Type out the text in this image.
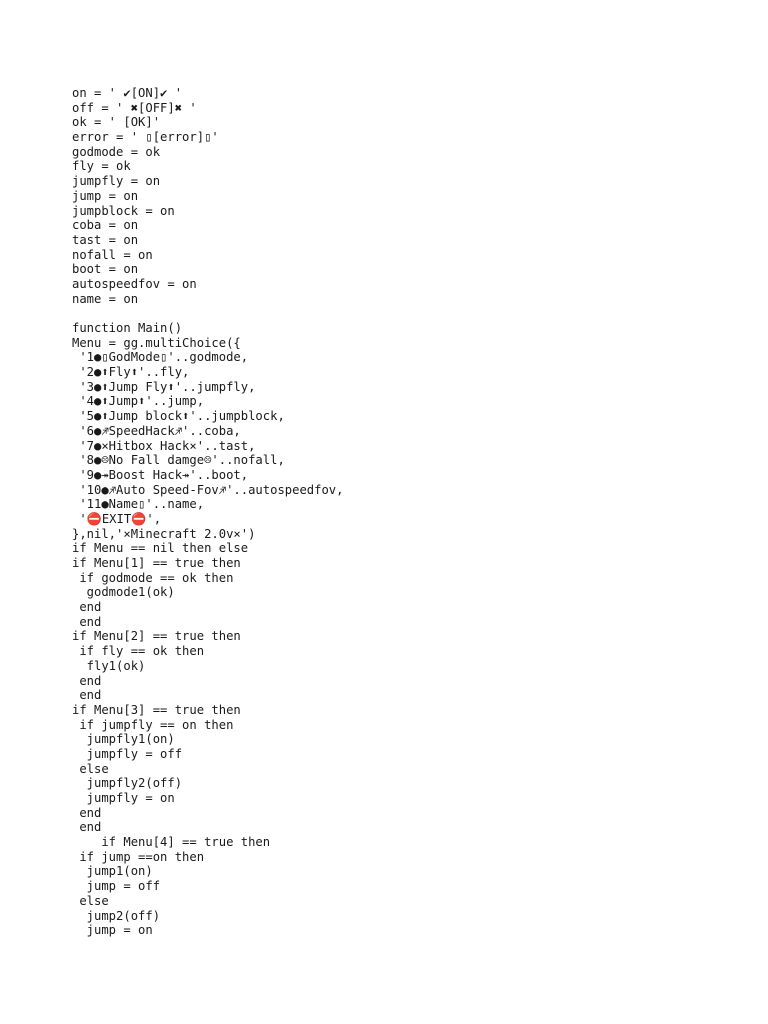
on = ' ✔[ON]✔ '
off = ' ✖[OFF]✖ '
ok = ' [OK]'
error = ' ▯[error]▯'
godmode = ok
fly = ok
jumpfly = on
jump = on
jumpblock = on
coba = on
tast = on
nofall = on
boot = on
autospeedfov = on
name = on
function Main()
Menu = gg.multiChoice({
'1●▯GodMode▯'..godmode,
'2●⬆Fly⬆'..fly,
'3●⬆Jump Fly⬆'..jumpfly,
'4●⬆Jump⬆'..jump,
'5●⬆Jump block⬆'..jumpblock,
'6●♐SpeedHack♐'..coba,
'7●⨯Hitbox Hack⨯'..tast,
'8●☹No Fall damge☹'..nofall,
'9●↠Boost Hack↠'..boot,
'10●♐Auto Speed-Fov♐'..autospeedfov,
'11●Name▯'..name,
'⛔EXIT⛔',
},nil,'⨯Minecraft 2.0v⨯')
if Menu == nil then else
if Menu[1] == true then
if godmode == ok then
godmode1(ok)
end
end
if Menu[2] == true then
if fly == ok then
fly1(ok)
end
end
if Menu[3] == true then
if jumpfly == on then
jumpfly1(on)
jumpfly = off
else
jumpfly2(off)
jumpfly = on
end
end
if Menu[4] == true then
if jump ==on then
jump1(on)
jump = off
else
jump2(off)
jump = on
